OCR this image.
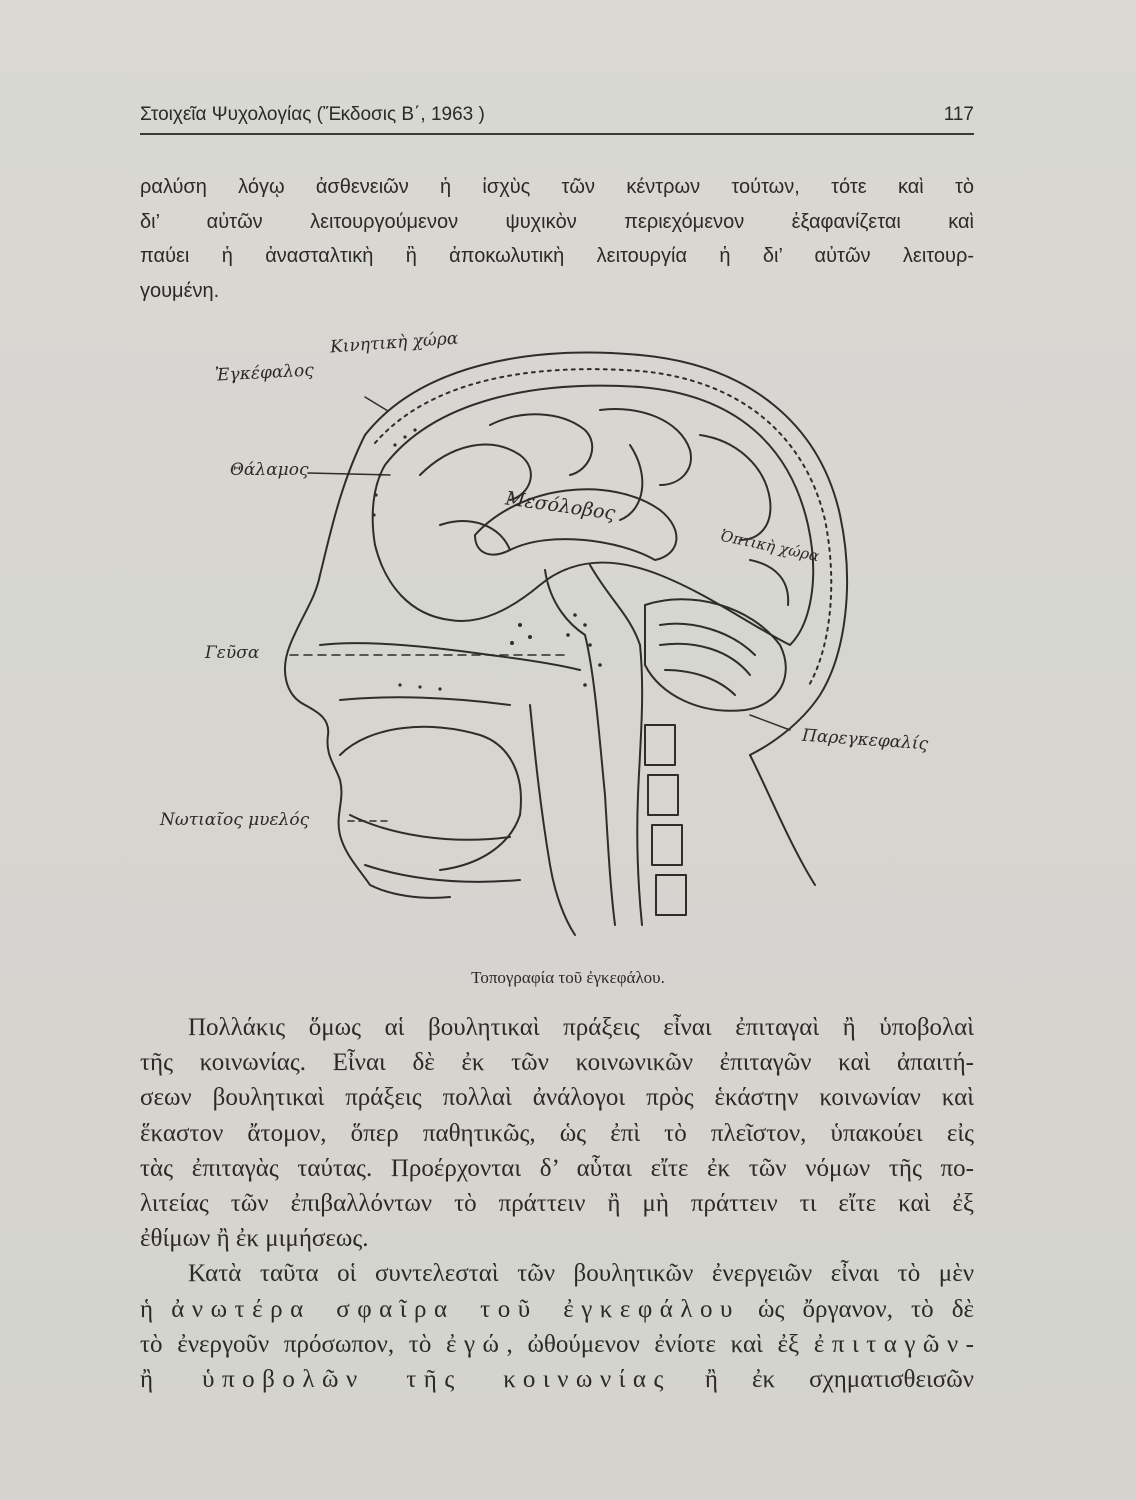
Στοιχεῖα Ψυχολογίας (Ἔκδοσις Β΄, 1963 )	117
ραλύση λόγῳ ἀσθενειῶν ἡ ἰσχὺς τῶν κέντρων τούτων, τότε καὶ τὸ
δι’ αὐτῶν λειτουργούμενον ψυχικὸν περιεχόμενον ἐξαφανίζεται καὶ
παύει ἡ ἀνασταλτικὴ ἢ ἀποκωλυτικὴ λειτουργία ἡ δι’ αὐτῶν λειτουρ-
γουμένη.
Κινητικὴ χώρα
Ἐγκέφαλος
Θάλαμος
Μεσόλοβος
Ὀπτικὴ χώρα
Γεῦσα
Παρεγκεφαλίς
Νωτιαῖος μυελός
Τοπογραφία τοῦ ἐγκεφάλου.
Πολλάκις ὅμως αἱ βουλητικαὶ πράξεις εἶναι ἐπιταγαὶ ἢ ὑποβολαὶ
τῆς κοινωνίας. Εἶναι δὲ ἐκ τῶν κοινωνικῶν ἐπιταγῶν καὶ ἀπαιτή-
σεων βουλητικαὶ πράξεις πολλαὶ ἀνάλογοι πρὸς ἑκάστην κοινωνίαν καὶ
ἕκαστον ἄτομον, ὅπερ παθητικῶς, ὡς ἐπὶ τὸ πλεῖστον, ὑπακούει εἰς
τὰς ἐπιταγὰς ταύτας. Προέρχονται δ’ αὗται εἴτε ἐκ τῶν νόμων τῆς πο-
λιτείας τῶν ἐπιβαλλόντων τὸ πράττειν ἢ μὴ πράττειν τι εἴτε καὶ ἐξ
ἐθίμων ἢ ἐκ μιμήσεως.
Κατὰ ταῦτα οἱ συντελεσταὶ τῶν βουλητικῶν ἐνεργειῶν εἶναι τὸ μὲν
ἡ ἀνωτέρα σφαῖρα τοῦ ἐγκεφάλου ὡς ὄργανον, τὸ δὲ
τὸ ἐνεργοῦν πρόσωπον, τὸ ἐγώ, ὠθούμενον ἐνίοτε καὶ ἐξ ἐπιταγῶν-
ἢ ὑποβολῶν τῆς κοινωνίας ἢ ἐκ σχηματισθεισῶν
